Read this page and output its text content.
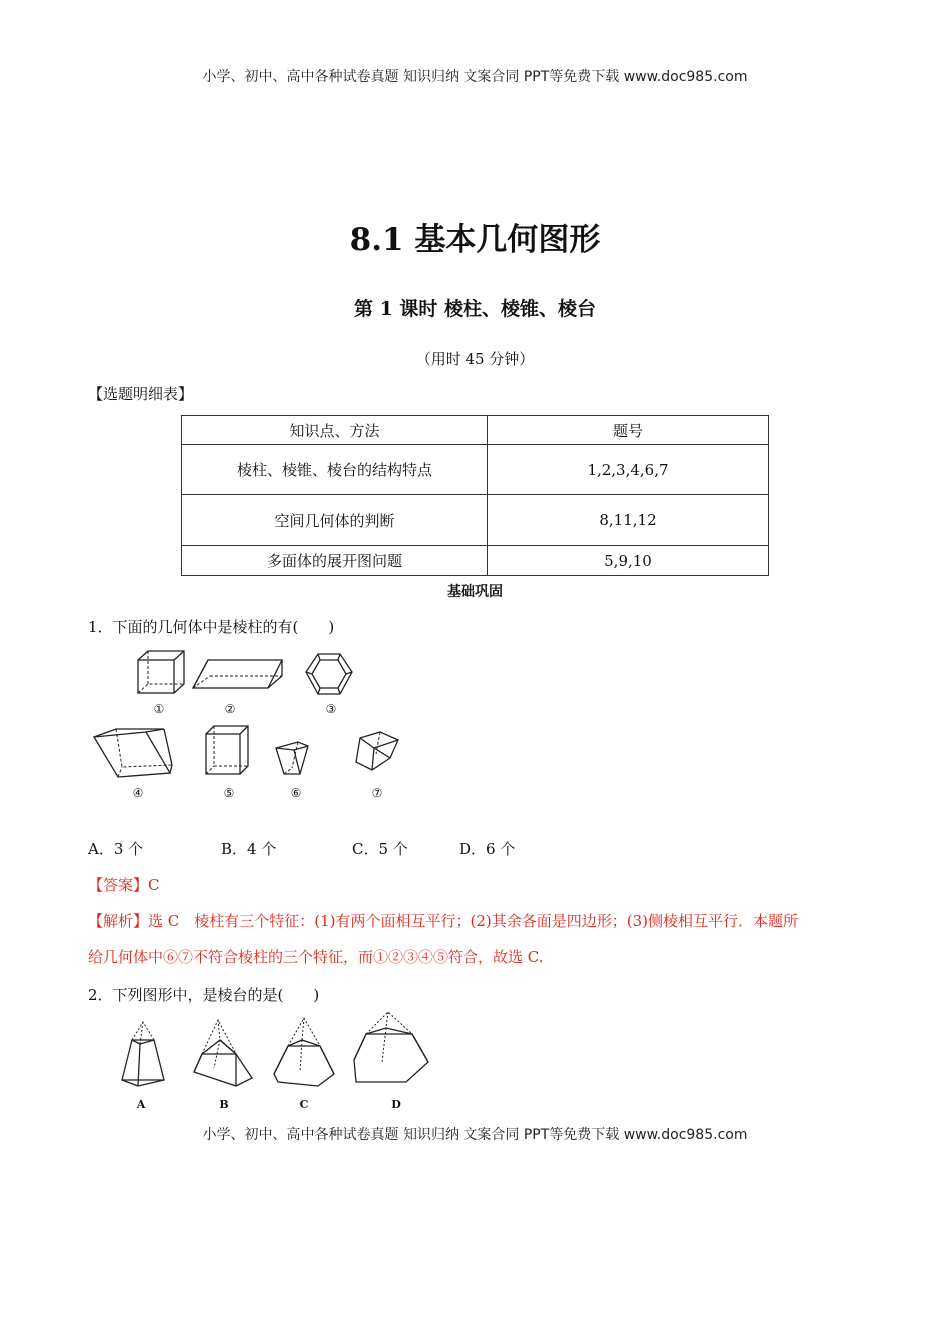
小学、初中、高中各种试卷真题 知识归纳 文案合同 PPT等免费下载 www.doc985.com
8.1 基本几何图形
第 1 课时 棱柱、棱锥、棱台
（用时 45 分钟）
【选题明细表】
知识点、方法	题号
棱柱、棱锥、棱台的结构特点	1,2,3,4,6,7
空间几何体的判断	8,11,12
多面体的展开图问题	5,9,10
基础巩固
1．下面的几何体中是棱柱的有(　　)
①	②	③
④	⑤	⑥	⑦
A．3 个	B．4 个	C．5 个	D．6 个
【答案】C
【解析】选 C　棱柱有三个特征：(1)有两个面相互平行；(2)其余各面是四边形；(3)侧棱相互平行．本题所
给几何体中⑥⑦不符合棱柱的三个特征，而①②③④⑤符合，故选 C.
2．下列图形中，是棱台的是(　　)
A	B	C	D
小学、初中、高中各种试卷真题 知识归纳 文案合同 PPT等免费下载 www.doc985.com
